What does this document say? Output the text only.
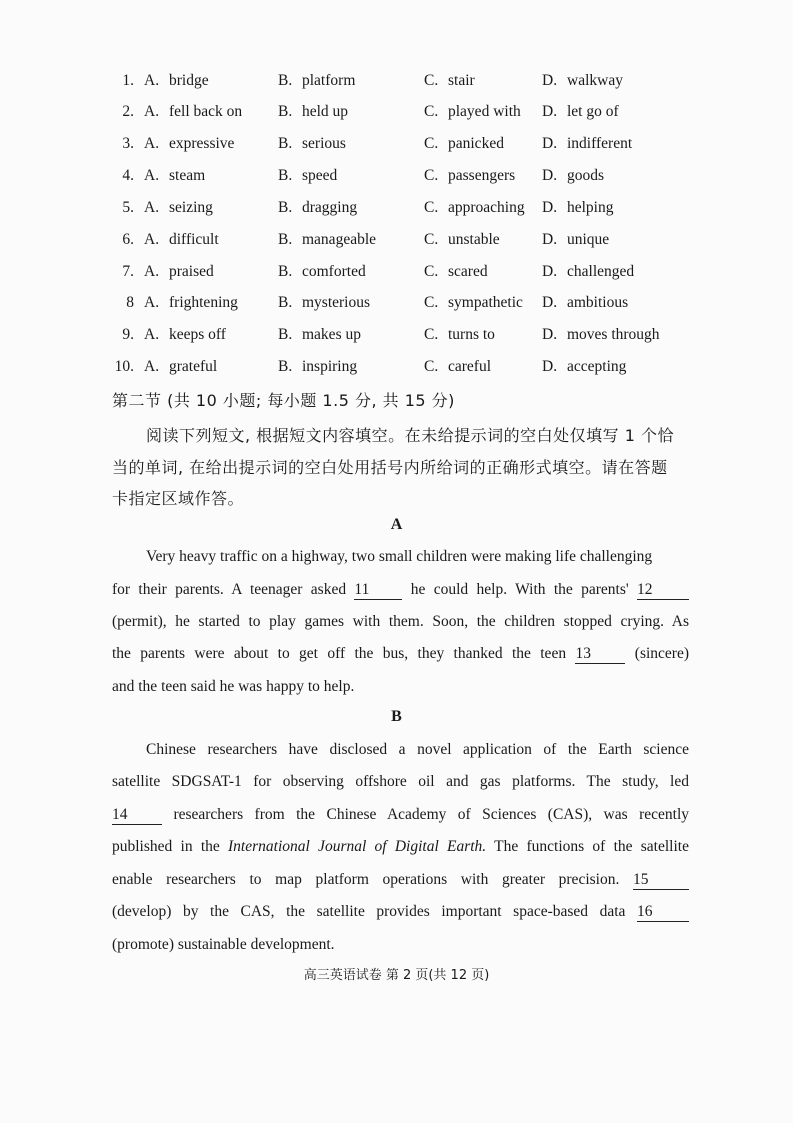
1. A. bridge	B. platform	C. stair	D. walkway
2. A. fell back on B. held up	C. played with D. let go of
3. A. expressive	B. serious	C. panicked D. indifferent
4. A. steam	B. speed	C. passengers D. goods
5. A. seizing	B. dragging	C. approaching D. helping
6. A. difficult	B. manageable	C. unstable	D. unique
7. A. praised	B. comforted	C. scared	D. challenged
8 A. frightening	B. mysterious	C. sympathetic D. ambitious
9. A. keeps off	B. makes up	C. turns to	D. moves through
10. A. grateful	B. inspiring	C. careful	D. accepting
第二节 (共 10 小题; 每小题 1.5 分, 共 15 分)
阅读下列短文, 根据短文内容填空。在未给提示词的空白处仅填写 1 个恰
当的单词, 在给出提示词的空白处用括号内所给词的正确形式填空。请在答题
卡指定区域作答。
A
Very heavy traffic on a highway, two small children were making life challenging
for their parents. A teenager asked 11	he could help. With the parents' 12
(permit), he started to play games with them. Soon, the children stopped crying. As
the parents were about to get off the bus, they thanked the teen 13	(sincere)
and the teen said he was happy to help.
B
Chinese researchers have disclosed a novel application of the Earth science
satellite SDGSAT-1 for observing offshore oil and gas platforms. The study, led
14	researchers from the Chinese Academy of Sciences (CAS), was recently
published in the International Journal of Digital Earth. The functions of the satellite
enable researchers to map platform operations with greater precision. 15
(develop) by the CAS, the satellite provides important space-based data 16
(promote) sustainable development.
高三英语试卷 第 2 页(共 12 页)
